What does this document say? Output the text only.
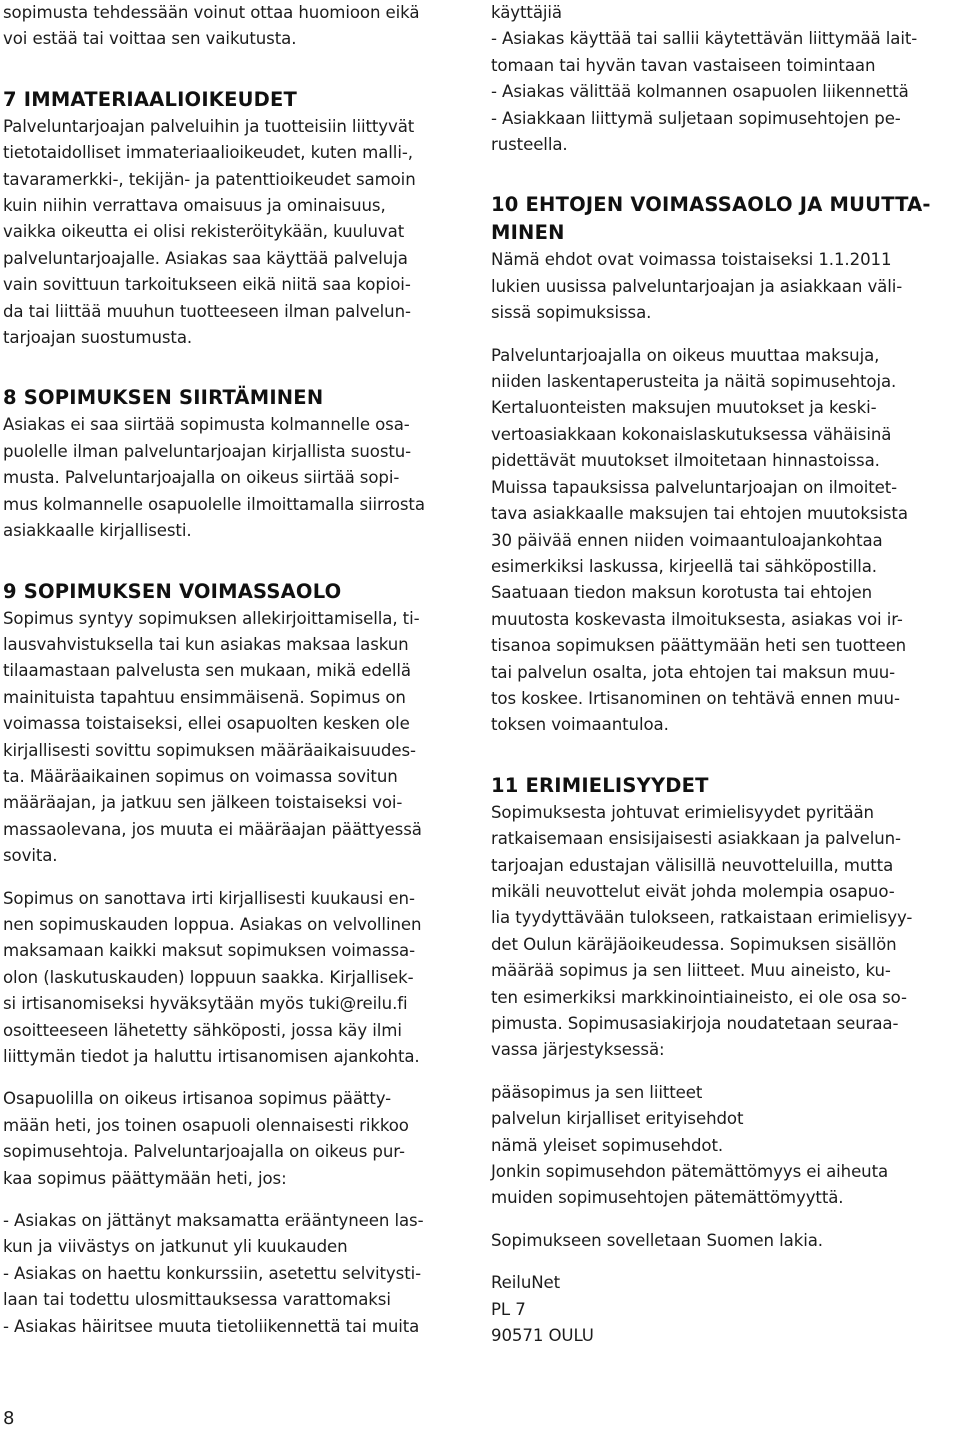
sopimusta tehdessään voinut ottaa huomioon eikä
voi estää tai voittaa sen vaikutusta.

7 IMMATERIAALIOIKEUDET

Palveluntarjoajan palveluihin ja tuotteisiin liittyvät
tietotaidolliset immateriaalioikeudet, kuten malli-,
tavaramerkki-, tekijän- ja patenttioikeudet samoin
kuin niihin verrattava omaisuus ja ominaisuus,
vaikka oikeutta ei olisi rekisteröitykään, kuuluvat
palveluntarjoajalle. Asiakas saa käyttää palveluja
vain sovittuun tarkoitukseen eikä niitä saa kopioi-
da tai liittää muuhun tuotteeseen ilman palvelun-
tarjoajan suostumusta.

8 SOPIMUKSEN SIIRTÄMINEN

Asiakas ei saa siirtää sopimusta kolmannelle osa-
puolelle ilman palveluntarjoajan kirjallista suostu-
musta. Palveluntarjoajalla on oikeus siirtää sopi-
mus kolmannelle osapuolelle ilmoittamalla siirrosta
asiakkaalle kirjallisesti.

9 SOPIMUKSEN VOIMASSAOLO

Sopimus syntyy sopimuksen allekirjoittamisella, ti-
lausvahvistuksella tai kun asiakas maksaa laskun
tilaamastaan palvelusta sen mukaan, mikä edellä
mainituista tapahtuu ensimmäisenä. Sopimus on
voimassa toistaiseksi, ellei osapuolten kesken ole
kirjallisesti sovittu sopimuksen määräaikaisuudes-
ta. Määräaikainen sopimus on voimassa sovitun
määräajan, ja jatkuu sen jälkeen toistaiseksi voi-
massaolevana, jos muuta ei määräajan päättyessä
sovita.

Sopimus on sanottava irti kirjallisesti kuukausi en-
nen sopimuskauden loppua. Asiakas on velvollinen
maksamaan kaikki maksut sopimuksen voimassa-
olon (laskutuskauden) loppuun saakka. Kirjallisek-
si irtisanomiseksi hyväksytään myös tuki@reilu.fi
osoitteeseen lähetetty sähköposti, jossa käy ilmi
liittymän tiedot ja haluttu irtisanomisen ajankohta.

Osapuolilla on oikeus irtisanoa sopimus päätty-
mään heti, jos toinen osapuoli olennaisesti rikkoo
sopimusehtoja. Palveluntarjoajalla on oikeus pur-
kaa sopimus päättymään heti, jos:

- Asiakas on jättänyt maksamatta erääntyneen las-
kun ja viivästys on jatkunut yli kuukauden
- Asiakas on haettu konkurssiin, asetettu selvitysti-
laan tai todettu ulosmittauksessa varattomaksi
- Asiakas häiritsee muuta tietoliikennettä tai muita

käyttäjiä
- Asiakas käyttää tai sallii käytettävän liittymää lait-
tomaan tai hyvän tavan vastaiseen toimintaan
- Asiakas välittää kolmannen osapuolen liikennettä
- Asiakkaan liittymä suljetaan sopimusehtojen pe-
rusteella.

10 EHTOJEN VOIMASSAOLO JA MUUTTA-
MINEN

Nämä ehdot ovat voimassa toistaiseksi 1.1.2011
lukien uusissa palveluntarjoajan ja asiakkaan väli-
sissä sopimuksissa.

Palveluntarjoajalla on oikeus muuttaa maksuja,
niiden laskentaperusteita ja näitä sopimusehtoja.
Kertaluonteisten maksujen muutokset ja keski-
vertoasiakkaan kokonaislaskutuksessa vähäisinä
pidettävät muutokset ilmoitetaan hinnastoissa.
Muissa tapauksissa palveluntarjoajan on ilmoitet-
tava asiakkaalle maksujen tai ehtojen muutoksista
30 päivää ennen niiden voimaantuloajankohtaa
esimerkiksi laskussa, kirjeellä tai sähköpostilla.
Saatuaan tiedon maksun korotusta tai ehtojen
muutosta koskevasta ilmoituksesta, asiakas voi ir-
tisanoa sopimuksen päättymään heti sen tuotteen
tai palvelun osalta, jota ehtojen tai maksun muu-
tos koskee. Irtisanominen on tehtävä ennen muu-
toksen voimaantuloa.

11 ERIMIELISYYDET

Sopimuksesta johtuvat erimielisyydet pyritään
ratkaisemaan ensisijaisesti asiakkaan ja palvelun-
tarjoajan edustajan välisillä neuvotteluilla, mutta
mikäli neuvottelut eivät johda molempia osapuo-
lia tyydyttävään tulokseen, ratkaistaan erimielisyy-
det Oulun käräjäoikeudessa. Sopimuksen sisällön
määrää sopimus ja sen liitteet. Muu aineisto, ku-
ten esimerkiksi markkinointiaineisto, ei ole osa so-
pimusta. Sopimusasiakirjoja noudatetaan seuraa-
vassa järjestyksessä:

pääsopimus ja sen liitteet
palvelun kirjalliset erityisehdot
nämä yleiset sopimusehdot.
Jonkin sopimusehdon pätemättömyys ei aiheuta
muiden sopimusehtojen pätemättömyyttä.

Sopimukseen sovelletaan Suomen lakia.

ReiluNet
PL 7
90571 OULU

8
